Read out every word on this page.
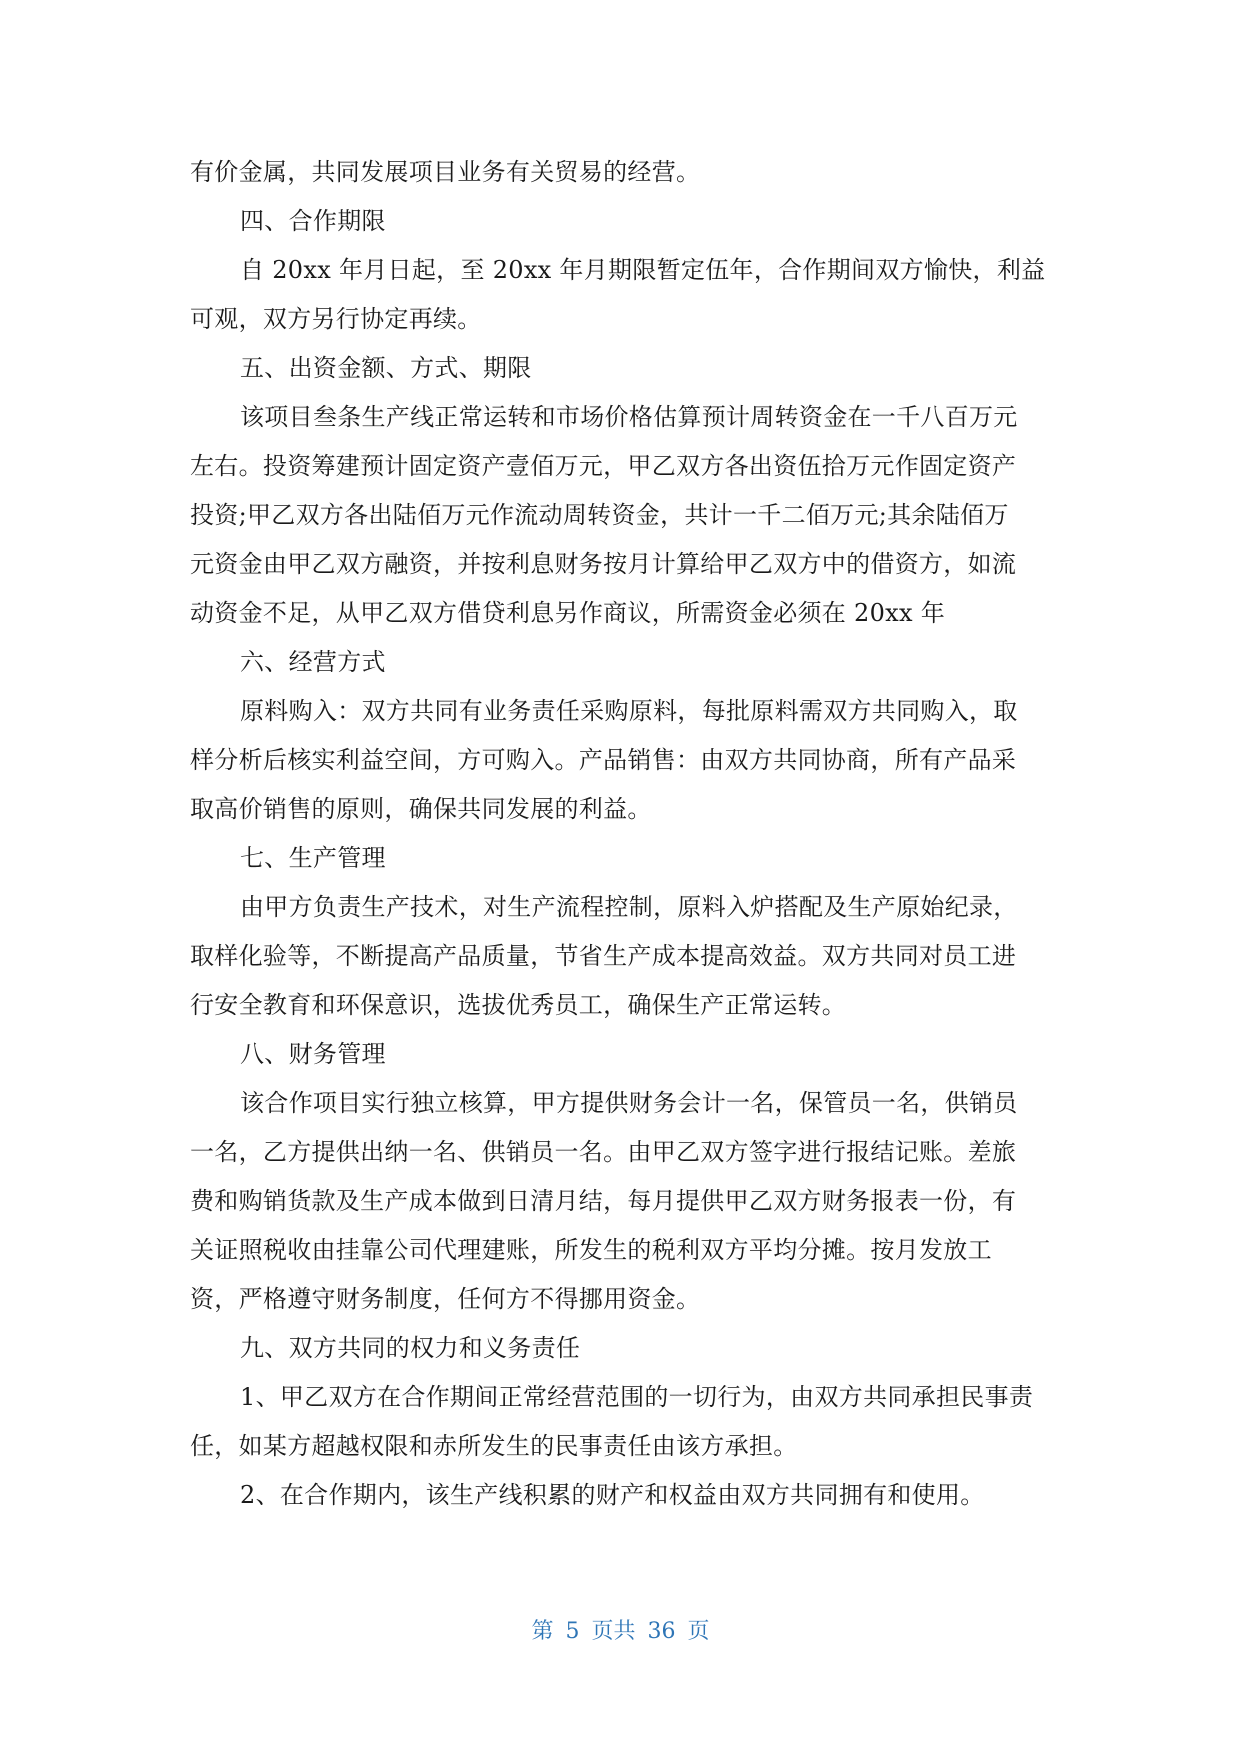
有价金属，共同发展项目业务有关贸易的经营。
四、合作期限
自 20xx 年月日起，至 20xx 年月期限暂定伍年，合作期间双方愉快，利益
可观，双方另行协定再续。
五、出资金额、方式、期限
该项目叁条生产线正常运转和市场价格估算预计周转资金在一千八百万元
左右。投资筹建预计固定资产壹佰万元，甲乙双方各出资伍拾万元作固定资产
投资;甲乙双方各出陆佰万元作流动周转资金，共计一千二佰万元;其余陆佰万
元资金由甲乙双方融资，并按利息财务按月计算给甲乙双方中的借资方，如流
动资金不足，从甲乙双方借贷利息另作商议，所需资金必须在 20xx 年
六、经营方式
原料购入：双方共同有业务责任采购原料，每批原料需双方共同购入，取
样分析后核实利益空间，方可购入。产品销售：由双方共同协商，所有产品采
取高价销售的原则，确保共同发展的利益。
七、生产管理
由甲方负责生产技术，对生产流程控制，原料入炉搭配及生产原始纪录，
取样化验等，不断提高产品质量，节省生产成本提高效益。双方共同对员工进
行安全教育和环保意识，选拔优秀员工，确保生产正常运转。
八、财务管理
该合作项目实行独立核算，甲方提供财务会计一名，保管员一名，供销员
一名，乙方提供出纳一名、供销员一名。由甲乙双方签字进行报结记账。差旅
费和购销货款及生产成本做到日清月结，每月提供甲乙双方财务报表一份，有
关证照税收由挂靠公司代理建账，所发生的税利双方平均分摊。按月发放工
资，严格遵守财务制度，任何方不得挪用资金。
九、双方共同的权力和义务责任
1、甲乙双方在合作期间正常经营范围的一切行为，由双方共同承担民事责
任，如某方超越权限和赤所发生的民事责任由该方承担。
2、在合作期内，该生产线积累的财产和权益由双方共同拥有和使用。
第 5 页共 36 页
